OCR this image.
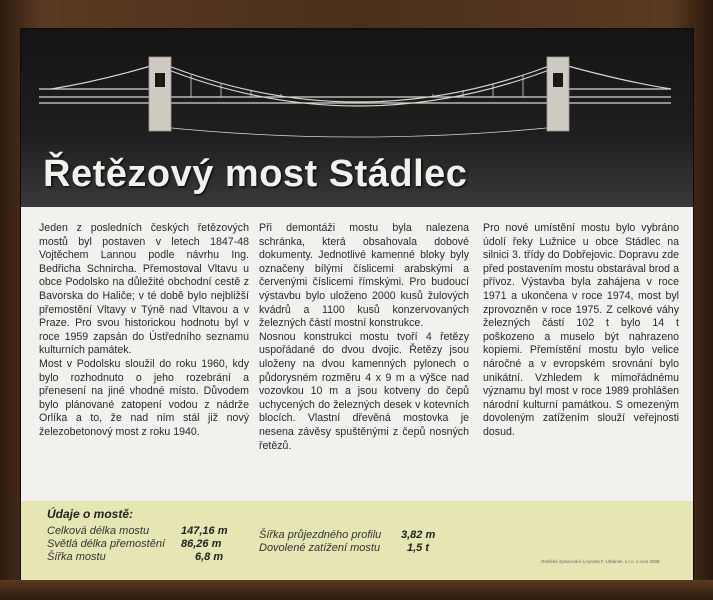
Řetězový most Stádlec

Jeden z posledních českých řetězových mostů byl postaven v letech 1847-48 Vojtěchem Lannou podle návrhu Ing. Bedřicha Schnircha. Přemostoval Vltavu u obce Podolsko na důležité obchodní cestě z Bavorska do Haliče; v té době bylo nejbližší přemostění Vltavy v Týně nad Vltavou a v Praze. Pro svou historickou hodnotu byl v roce 1959 zapsán do Ústředního seznamu kulturních památek.

Most v Podolsku sloužil do roku 1960, kdy bylo rozhodnuto o jeho rozebrání a přenesení na jiné vhodné místo. Důvodem bylo plánované zatopení vodou z nádrže Orlíka a to, že nad ním stál již nový železobetonový most z roku 1940.

Při demontáži mostu byla nalezena schránka, která obsahovala dobové dokumenty. Jednotlivé kamenné bloky byly označeny bílými číslicemi arabskými a červenými číslicemi římskými. Pro budoucí výstavbu bylo uloženo 2000 kusů žulových kvádrů a 1100 kusů konzervovaných železných částí mostní konstrukce.

Nosnou konstrukci mostu tvoří 4 řetězy uspořádané do dvou dvojic. Řetězy jsou uloženy na dvou kamenných pylonech o půdorysném rozměru 4 x 9 m a výšce nad vozovkou 10 m a jsou kotveny do čepů uchycených do železných desek v kotevních blocích. Vlastní dřevěná mostovka je nesena závěsy spuštěnými z čepů nosných řetězů.

Pro nové umístění mostu bylo vybráno údolí řeky Lužnice u obce Stádlec na silnici 3. třídy do Dobřejovic. Dopravu zde před postavením mostu obstarával brod a přívoz. Výstavba byla zahájena v roce 1971 a ukončena v roce 1974, most byl zprovozněn v roce 1975. Z celkové váhy železných částí 102 t bylo 14 t poškozeno a muselo být nahrazeno kopiemi. Přemístění mostu bylo velice náročné a v evropském srovnání bylo unikátní. Vzhledem k mimořádnému významu byl most v roce 1989 prohlášen národní kulturní památkou. S omezeným dovoleným zatížením slouží veřejnosti dosud.

Údaje o mostě:
Celková délka mostu	147,16 m
Světlá délka přemostění 86,26 m
Šířka mostu	6,8 m
Šířka průjezdného profilu 3,82 m
Dovolené zatížení mostu 1,5 t
Grafické zpracování a výroba F. Urbánek, s.r.o. v roce 2008
